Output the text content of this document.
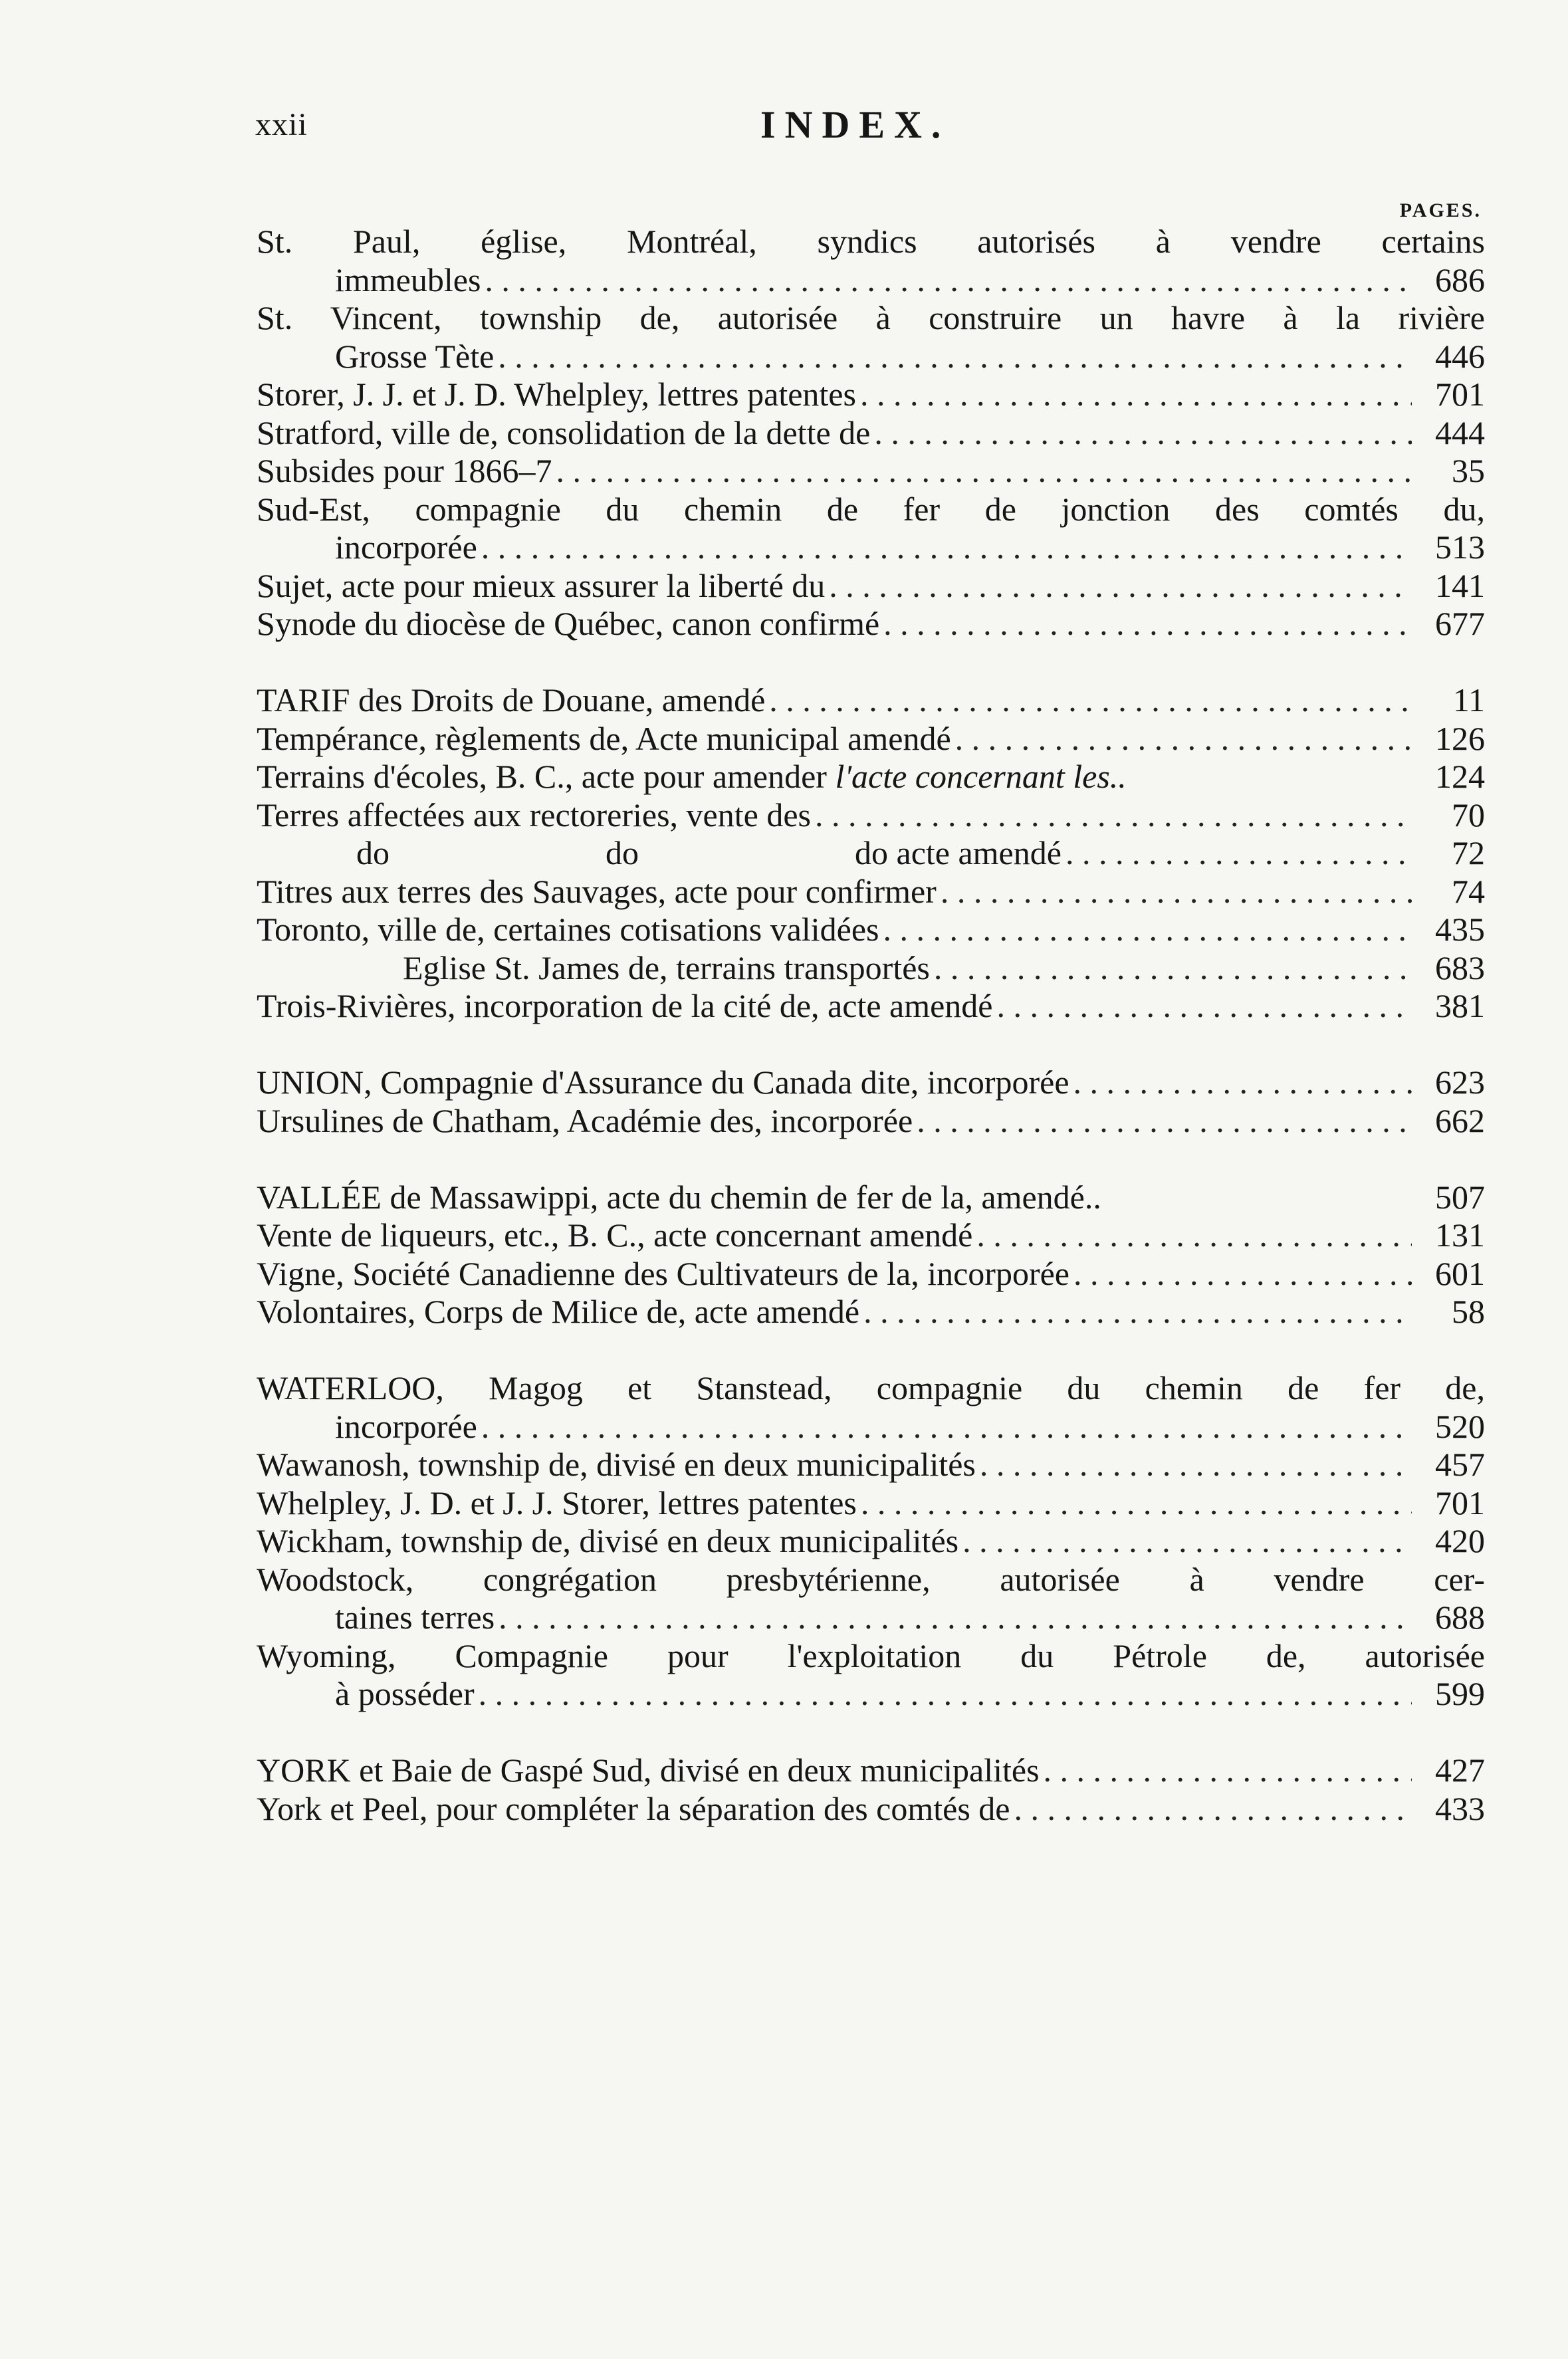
xxii	INDEX.
PAGES.
St. Paul, église, Montréal, syndics autorisés à vendre certains
immeubles . . .	686
St. Vincent, township de, autorisée à construire un havre à la rivière
Grosse Tète . . .	446
Storer, J. J. et J. D. Whelpley, lettres patentes . . .	701
Stratford, ville de, consolidation de la dette de . . .	444
Subsides pour 1866–7 . . .	35
Sud-Est, compagnie du chemin de fer de jonction des comtés du,
incorporée . . .	513
Sujet, acte pour mieux assurer la liberté du . . .	141
Synode du diocèse de Québec, canon confirmé . . .	677
TARIF des Droits de Douane, amendé . . .	11
Tempérance, règlements de, Acte municipal amendé . . .	126
Terrains d'écoles, B. C., acte pour amender l'acte concernant les..	124
Terres affectées aux rectoreries, vente des . . .	70
do	do	do acte amendé . . .	72
Titres aux terres des Sauvages, acte pour confirmer . . .	74
Toronto, ville de, certaines cotisations validées . . .	435
Eglise St. James de, terrains transportés . . .	683
Trois-Rivières, incorporation de la cité de, acte amendé . . .	381
UNION, Compagnie d'Assurance du Canada dite, incorporée . . .	623
Ursulines de Chatham, Académie des, incorporée . . .	662
VALLÉE de Massawippi, acte du chemin de fer de la, amendé..	507
Vente de liqueurs, etc., B. C., acte concernant amendé . . .	131
Vigne, Société Canadienne des Cultivateurs de la, incorporée . . .	601
Volontaires, Corps de Milice de, acte amendé . . .	58
WATERLOO, Magog et Stanstead, compagnie du chemin de fer de,
incorporée . . .	520
Wawanosh, township de, divisé en deux municipalités . . .	457
Whelpley, J. D. et J. J. Storer, lettres patentes . . .	701
Wickham, township de, divisé en deux municipalités . . .	420
Woodstock, congrégation presbytérienne, autorisée à vendre cer-
taines terres . . .	688
Wyoming, Compagnie pour l'exploitation du Pétrole de, autorisée
à posséder . . .	599
YORK et Baie de Gaspé Sud, divisé en deux municipalités . . .	427
York et Peel, pour compléter la séparation des comtés de . . .	433
